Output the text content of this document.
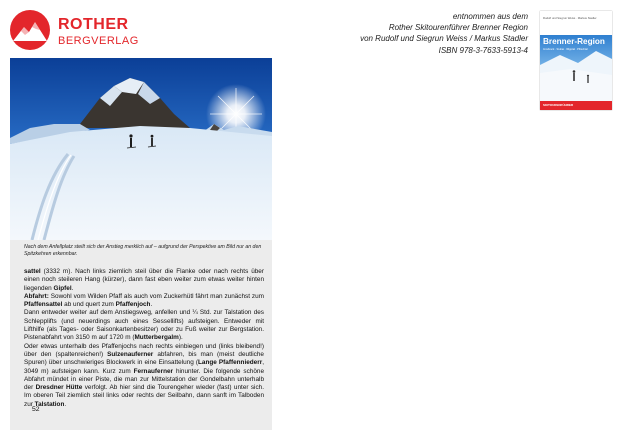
ROTHER
BERGVERLAG
entnommen aus dem
Rother Skitourenführer Brenner Region
von Rudolf und Siegrun Weiss / Markus Stadler
ISBN 978-3-7633-5913-4
Rudolf und Siegrun Weiss · Markus Stadler
Brenner-Region
Innsbruck · Stubai · Wipptal · Pfitschtal
SKITOURENFÜHRER
Nach dem Anfellplatz steilt sich der Anstieg merklich auf – aufgrund der Perspektive am Bild nur an den Spitzkehren erkennbar.
sattel (3332 m). Nach links ziemlich steil über die Flanke oder nach rechts über einen noch steileren Hang (kürzer), dann fast eben weiter zum etwas weiter hinten liegenden Gipfel.
Abfahrt: Sowohl vom Wilden Pfaff als auch vom Zuckerhütl fährt man zunächst zum Pfaffensattel ab und quert zum Pfaffenjoch.
Dann entweder weiter auf dem Anstiegsweg, anfellen und ¼ Std. zur Talstation des Schlepplifts (und neuerdings auch eines Sessellifts) aufsteigen. Entweder mit Lifthilfe (als Tages- oder Saisonkartenbesitzer) oder zu Fuß weiter zur Bergstation. Pistenabfahrt von 3150 m auf 1720 m (Mutterbergalm).
Oder etwas unterhalb des Pfaffenjochs nach rechts einbiegen und (links bleibend!) über den (spaltenreichen!) Sulzenauferner abfahren, bis man (meist deutliche Spuren) über unschwieriges Blockwerk in eine Einsattelung (Lange Pfaffenniederr, 3049 m) aufsteigen kann. Kurz zum Fernauferner hinunter. Die folgende schöne Abfahrt mündet in einer Piste, die man zur Mittelstation der Gondelbahn unterhalb der Dresdner Hütte verfolgt. Ab hier sind die Tourengeher wieder (fast) unter sich. Im oberen Teil ziemlich steil links oder rechts der Seilbahn, dann sanft im Talboden zur Talstation.
52
